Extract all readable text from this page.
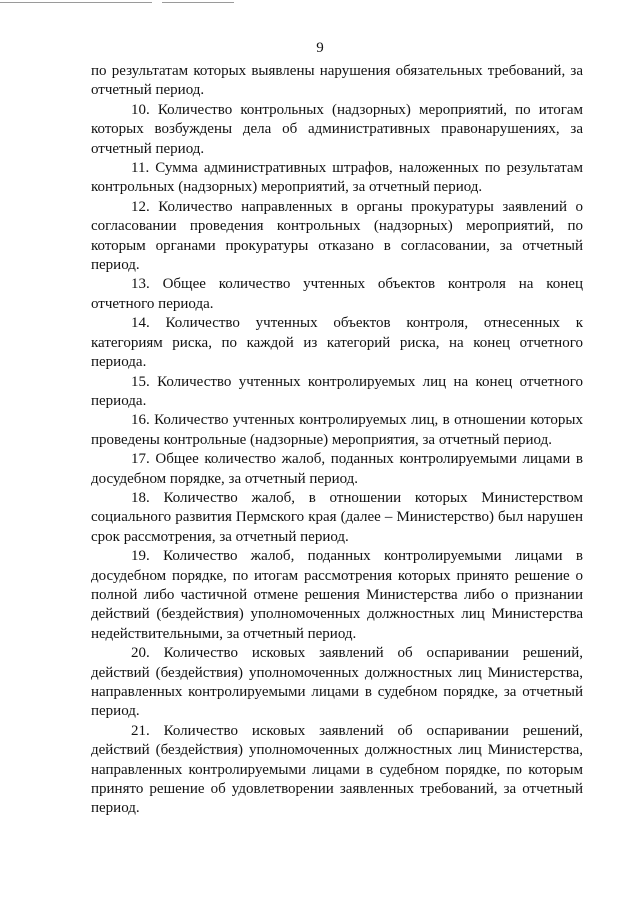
9

по результатам которых выявлены нарушения обязательных требований, за отчетный период.

10. Количество контрольных (надзорных) мероприятий, по итогам которых возбуждены дела об административных правонарушениях, за отчетный период.

11. Сумма административных штрафов, наложенных по результатам контрольных (надзорных) мероприятий, за отчетный период.

12. Количество направленных в органы прокуратуры заявлений о согласовании проведения контрольных (надзорных) мероприятий, по которым органами прокуратуры отказано в согласовании, за отчетный период.

13. Общее количество учтенных объектов контроля на конец отчетного периода.

14. Количество учтенных объектов контроля, отнесенных к категориям риска, по каждой из категорий риска, на конец отчетного периода.

15. Количество учтенных контролируемых лиц на конец отчетного периода.

16. Количество учтенных контролируемых лиц, в отношении которых проведены контрольные (надзорные) мероприятия, за отчетный период.

17. Общее количество жалоб, поданных контролируемыми лицами в досудебном порядке, за отчетный период.

18. Количество жалоб, в отношении которых Министерством социального развития Пермского края (далее – Министерство) был нарушен срок рассмотрения, за отчетный период.

19. Количество жалоб, поданных контролируемыми лицами в досудебном порядке, по итогам рассмотрения которых принято решение о полной либо частичной отмене решения Министерства либо о признании действий (бездействия) уполномоченных должностных лиц Министерства недействительными, за отчетный период.

20. Количество исковых заявлений об оспаривании решений, действий (бездействия) уполномоченных должностных лиц Министерства, направленных контролируемыми лицами в судебном порядке, за отчетный период.

21. Количество исковых заявлений об оспаривании решений, действий (бездействия) уполномоченных должностных лиц Министерства, направленных контролируемыми лицами в судебном порядке, по которым принято решение об удовлетворении заявленных требований, за отчетный период.
